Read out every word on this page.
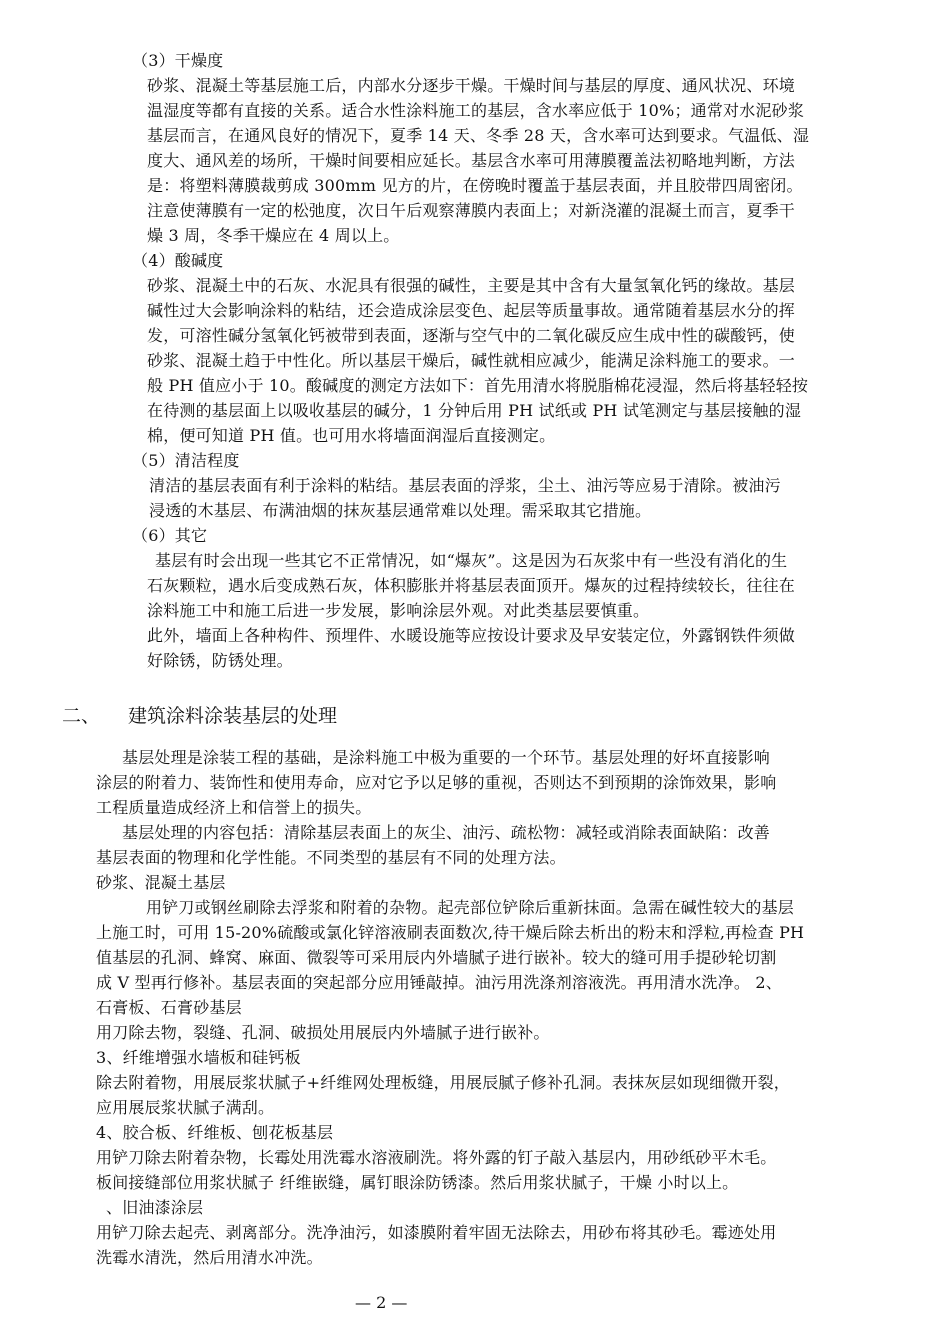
（3）干燥度
砂浆、混凝土等基层施工后，内部水分逐步干燥。干燥时间与基层的厚度、通风状况、环境
温湿度等都有直接的关系。适合水性涂料施工的基层，含水率应低于 10%；通常对水泥砂浆
基层而言，在通风良好的情况下，夏季 14 天、冬季 28 天，含水率可达到要求。气温低、湿
度大、通风差的场所，干燥时间要相应延长。基层含水率可用薄膜覆盖法初略地判断，方法
是：将塑料薄膜裁剪成 300mm 见方的片，在傍晚时覆盖于基层表面，并且胶带四周密闭。
注意使薄膜有一定的松弛度，次日午后观察薄膜内表面上；对新浇灌的混凝土而言，夏季干
燥 3 周，冬季干燥应在 4 周以上。
（4）酸碱度
砂浆、混凝土中的石灰、水泥具有很强的碱性，主要是其中含有大量氢氧化钙的缘故。基层
碱性过大会影响涂料的粘结，还会造成涂层变色、起层等质量事故。通常随着基层水分的挥
发，可溶性碱分氢氧化钙被带到表面，逐渐与空气中的二氧化碳反应生成中性的碳酸钙，使
砂浆、混凝土趋于中性化。所以基层干燥后，碱性就相应减少，能满足涂料施工的要求。一
般 PH 值应小于 10。酸碱度的测定方法如下：首先用清水将脱脂棉花浸湿，然后将基轻轻按
在待测的基层面上以吸收基层的碱分，1 分钟后用 PH 试纸或 PH 试笔测定与基层接触的湿
棉，便可知道 PH 值。也可用水将墙面润湿后直接测定。
（5）清洁程度
清洁的基层表面有利于涂料的粘结。基层表面的浮浆，尘土、油污等应易于清除。被油污
浸透的木基层、布满油烟的抹灰基层通常难以处理。需采取其它措施。
（6）其它
基层有时会出现一些其它不正常情况，如“爆灰”。这是因为石灰浆中有一些没有消化的生
石灰颗粒，遇水后变成熟石灰，体积膨胀并将基层表面顶开。爆灰的过程持续较长，往往在
涂料施工中和施工后进一步发展，影响涂层外观。对此类基层要慎重。
此外，墙面上各种构件、预埋件、水暖设施等应按设计要求及早安装定位，外露钢铁件须做
好除锈，防锈处理。
二、 建筑涂料涂装基层的处理
基层处理是涂装工程的基础，是涂料施工中极为重要的一个环节。基层处理的好坏直接影响
涂层的附着力、装饰性和使用寿命，应对它予以足够的重视，否则达不到预期的涂饰效果，影响
工程质量造成经济上和信誉上的损失。
基层处理的内容包括：清除基层表面上的灰尘、油污、疏松物：减轻或消除表面缺陷：改善
基层表面的物理和化学性能。不同类型的基层有不同的处理方法。
砂浆、混凝土基层
用铲刀或钢丝刷除去浮浆和附着的杂物。起壳部位铲除后重新抹面。急需在碱性较大的基层
上施工时，可用 15-20%硫酸或氯化锌溶液刷表面数次,待干燥后除去析出的粉末和浮粒,再检查 PH
值基层的孔洞、蜂窝、麻面、微裂等可采用辰内外墙腻子进行嵌补。较大的缝可用手提砂轮切割
成 V 型再行修补。基层表面的突起部分应用锤敲掉。油污用洗涤剂溶液洗。再用清水洗净。 2、
石膏板、石膏砂基层
用刀除去物，裂缝、孔洞、破损处用展辰内外墙腻子进行嵌补。
3、纤维增强水墙板和硅钙板
除去附着物，用展辰浆状腻子+纤维网处理板缝，用展辰腻子修补孔洞。表抹灰层如现细微开裂，
应用展辰浆状腻子满刮。
4、胶合板、纤维板、刨花板基层
用铲刀除去附着杂物，长霉处用洗霉水溶液刷洗。将外露的钉子敲入基层内，用砂纸砂平木毛。
板间接缝部位用浆状腻子 纤维嵌缝，属钉眼涂防锈漆。然后用浆状腻子，干燥 小时以上。
、旧油漆涂层
用铲刀除去起壳、剥离部分。洗净油污，如漆膜附着牢固无法除去，用砂布将其砂毛。霉迹处用
洗霉水清洗，然后用清水冲洗。
— 2 —
